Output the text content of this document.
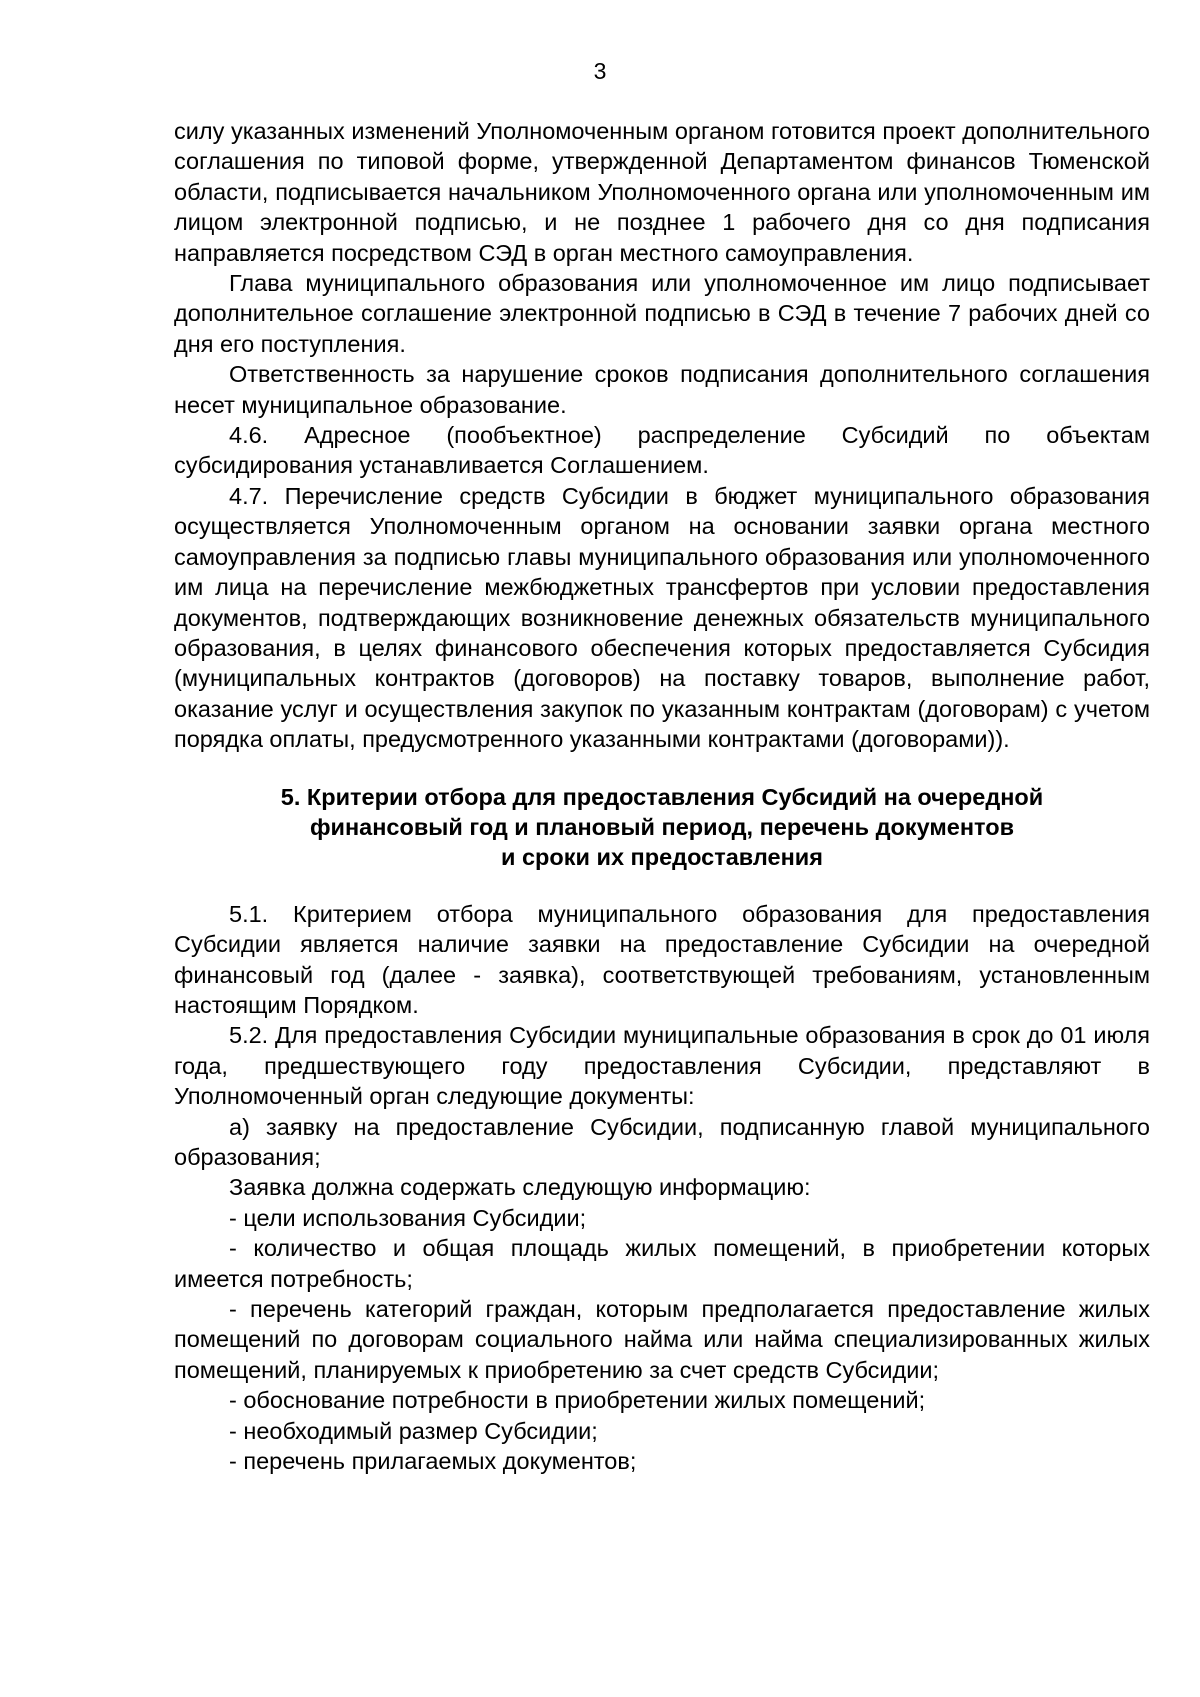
3

силу указанных изменений Уполномоченным органом готовится проект дополнительного соглашения по типовой форме, утвержденной Департаментом финансов Тюменской области, подписывается начальником Уполномоченного органа или уполномоченным им лицом электронной подписью, и не позднее 1 рабочего дня со дня подписания направляется посредством СЭД в орган местного самоуправления.

Глава муниципального образования или уполномоченное им лицо подписывает дополнительное соглашение электронной подписью в СЭД в течение 7 рабочих дней со дня его поступления.

Ответственность за нарушение сроков подписания дополнительного соглашения несет муниципальное образование.

4.6. Адресное (пообъектное) распределение Субсидий по объектам субсидирования устанавливается Соглашением.

4.7. Перечисление средств Субсидии в бюджет муниципального образования осуществляется Уполномоченным органом на основании заявки органа местного самоуправления за подписью главы муниципального образования или уполномоченного им лица на перечисление межбюджетных трансфертов при условии предоставления документов, подтверждающих возникновение денежных обязательств муниципального образования, в целях финансового обеспечения которых предоставляется Субсидия (муниципальных контрактов (договоров) на поставку товаров, выполнение работ, оказание услуг и осуществления закупок по указанным контрактам (договорам) с учетом порядка оплаты, предусмотренного указанными контрактами (договорами)).

5. Критерии отбора для предоставления Субсидий на очередной
финансовый год и плановый период, перечень документов
и сроки их предоставления

5.1. Критерием отбора муниципального образования для предоставления Субсидии является наличие заявки на предоставление Субсидии на очередной финансовый год (далее - заявка), соответствующей требованиям, установленным настоящим Порядком.

5.2. Для предоставления Субсидии муниципальные образования в срок до 01 июля года, предшествующего году предоставления Субсидии, представляют в Уполномоченный орган следующие документы:

а) заявку на предоставление Субсидии, подписанную главой муниципального образования;

Заявка должна содержать следующую информацию:

- цели использования Субсидии;

- количество и общая площадь жилых помещений, в приобретении которых имеется потребность;

- перечень категорий граждан, которым предполагается предоставление жилых помещений по договорам социального найма или найма специализированных жилых помещений, планируемых к приобретению за счет средств Субсидии;

- обоснование потребности в приобретении жилых помещений;

- необходимый размер Субсидии;

- перечень прилагаемых документов;
